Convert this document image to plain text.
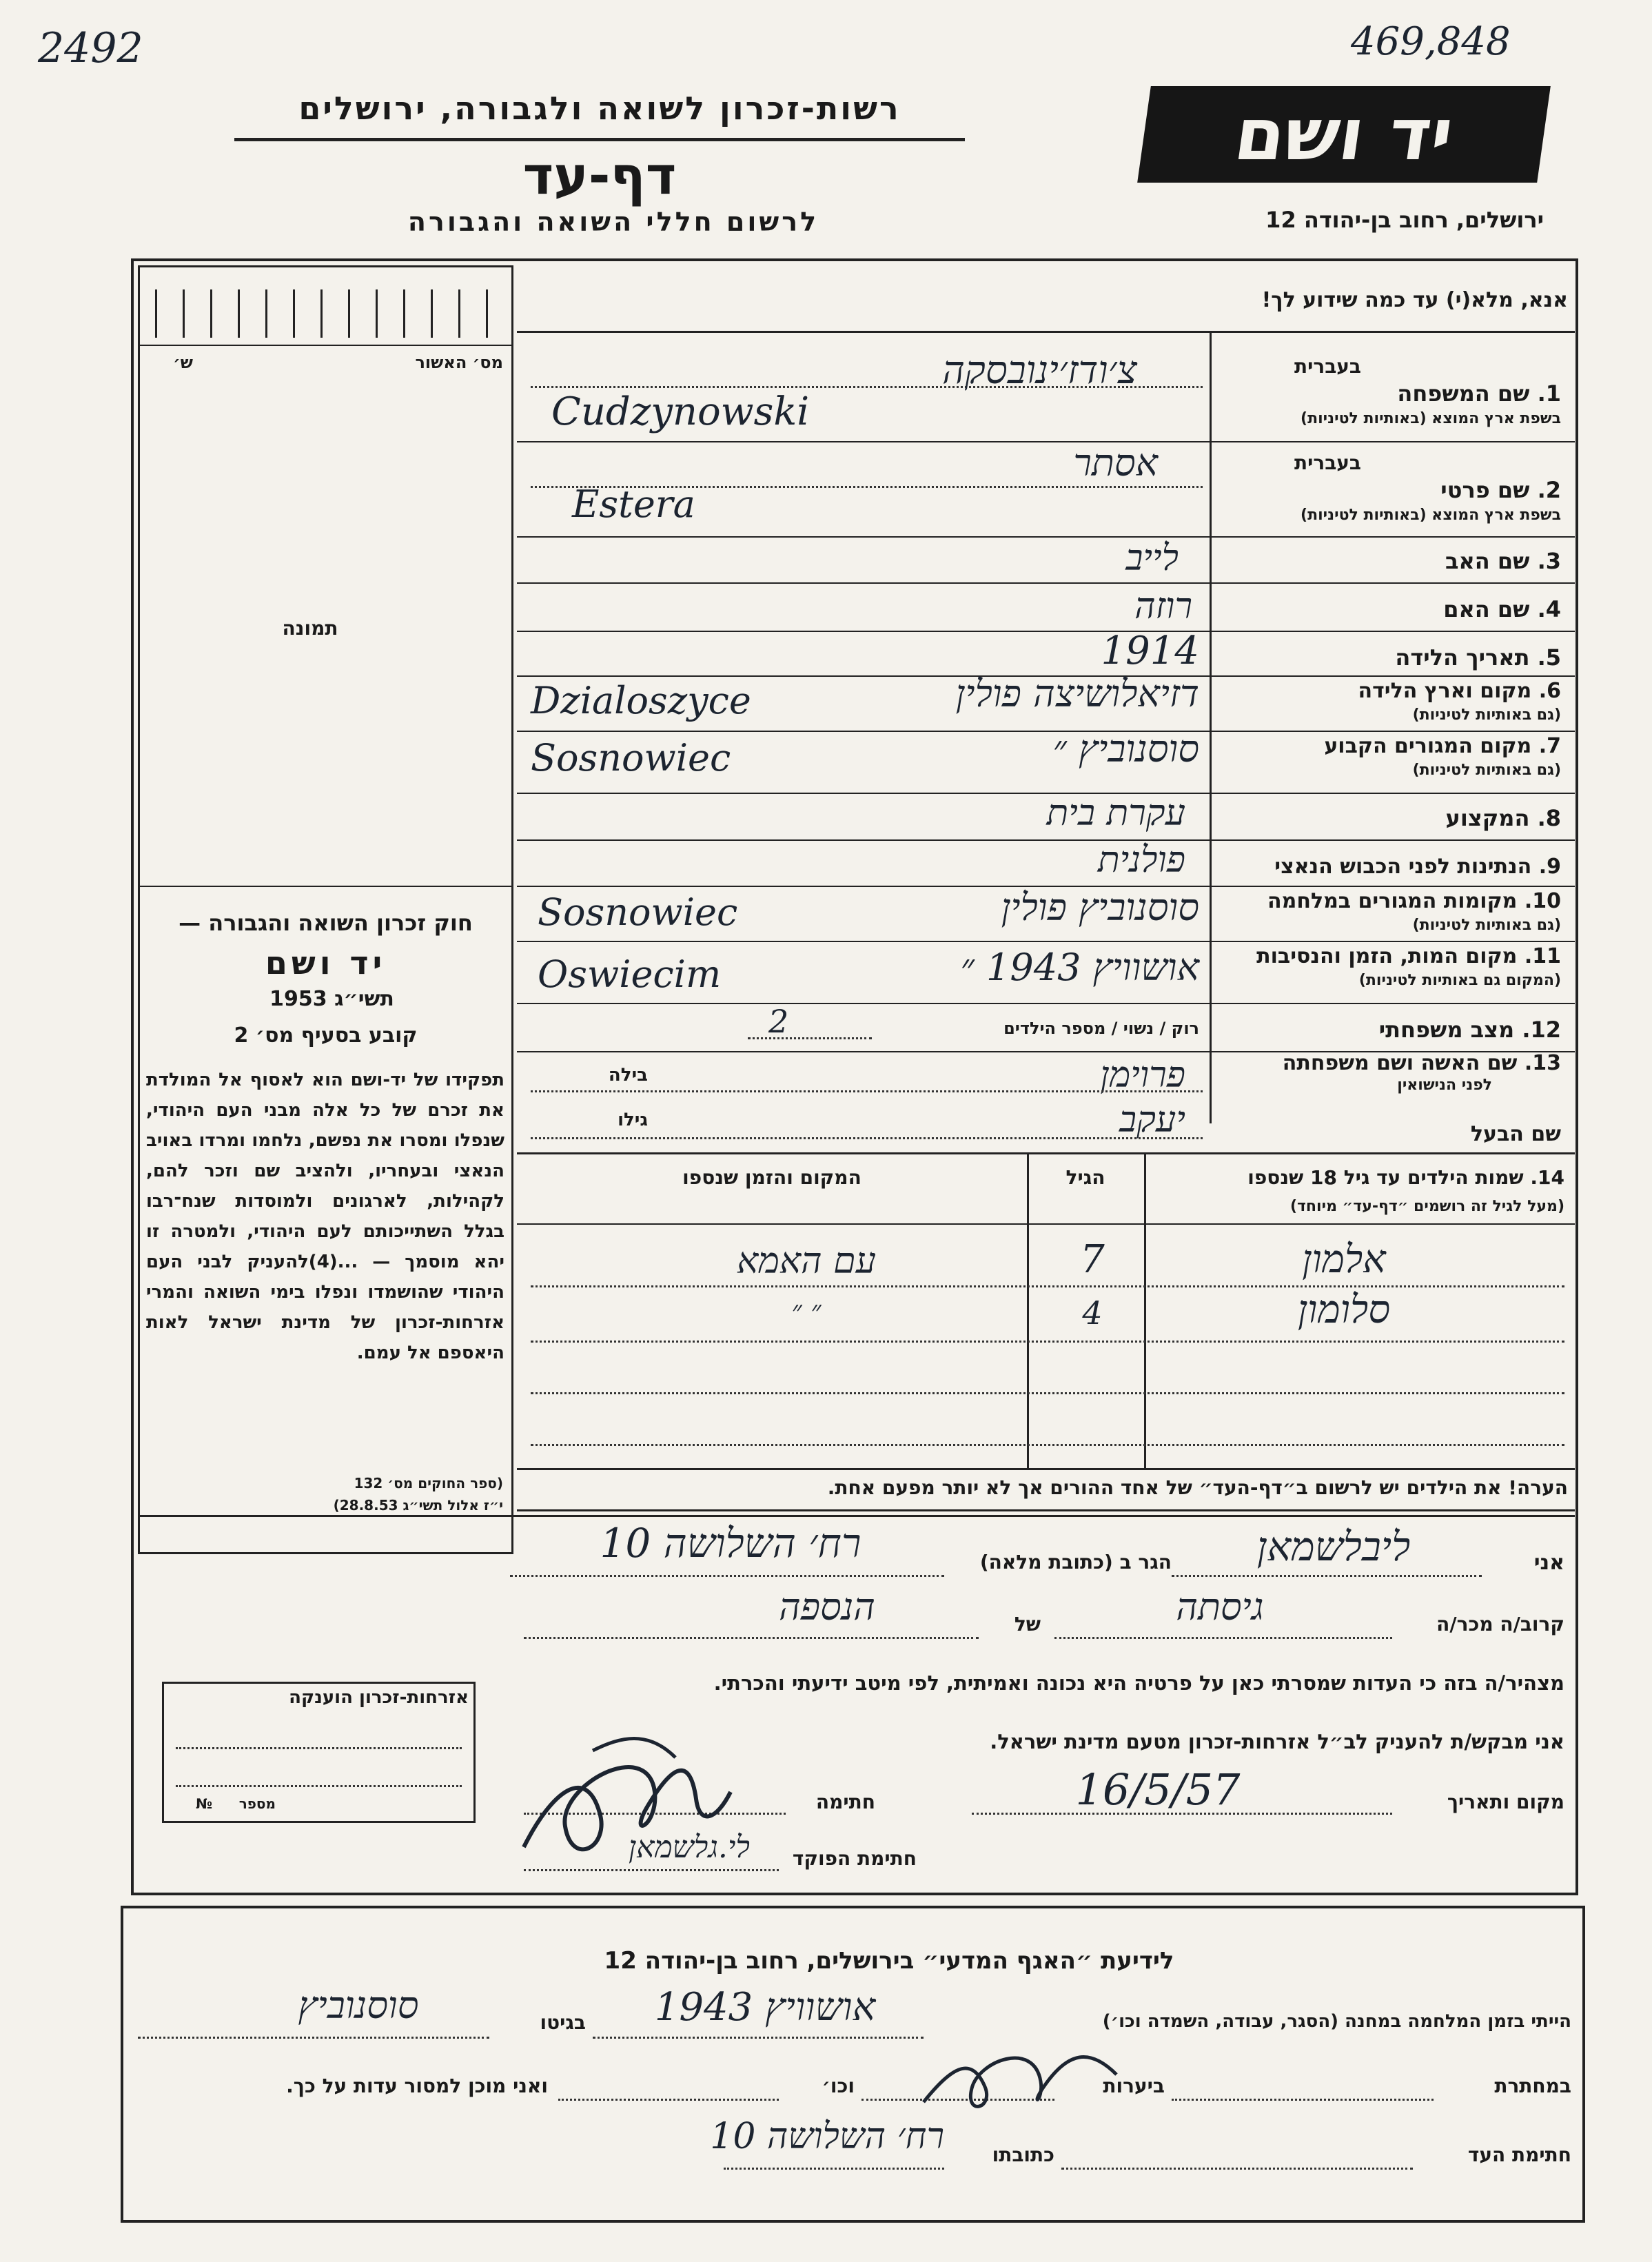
2492	469,848
יד ושם
ירושלים, רחוב בן-יהודה 12
רשות-זכרון לשואה ולגבורה, ירושלים
דף-עד
לרשום חללי השואה והגבורה
מס׳ האשור
ש׳
תמונה
חוק זכרון השואה והגבורה —
יד ושם
תשי״ג 1953
קובע בסעיף מס׳ 2
תפקידו של יד-ושם הוא לאסוף אל המולדת את זכרם של כל אלה מבני העם היהודי, שנפלו ומסרו את נפשם, נלחמו ומרדו באויב הנאצי ובעחריו, ולהציב שם וזכר להם, לקהילות, לארגונים ולמוסדות שנח־רבו בגלל השתייכותם לעם היהודי, ולמטרה זו יהא מוסמך — ...(4)להעניק לבני העם היהודי שהושמדו ונפלו בימי השואה והמרי אזרחות-זכרון של מדינת ישראל לאות היאספם אל עמם.
(ספר החוקים מס׳ 132
י״ז אלול תשי״ג 28.8.53)
אנא, מלא(י) עד כמה שידוע לך!
בעברית
1. שם המשפחה
בשפת ארץ המוצא (באותיות לטיניות)
צ׳ודז׳ינובסקה
Cudzynowski
בעברית
2. שם פרטי
בשפת ארץ המוצא (באותיות לטיניות)
אסתר
Estera
3. שם האב
לייב
4. שם האם
רוזה
5. תאריך הלידה
1914
6. מקום וארץ הלידה
(גם באותיות לטיניות)
דזיאלושיצה פולין
Dzialoszyce
7. מקום המגורים הקבוע
(גם באותיות לטיניות)
סוסנוביץ ״
Sosnowiec
8. המקצוע
עקרת בית
9. הנתינות לפני הכבוש הנאצי
פולנית
10. מקומות המגורים במלחמה
(גם באותיות לטיניות)
סוסנוביץ פולין
Sosnowiec
11. מקום המות, הזמן והנסיבות
(המקום גם באותיות לטיניות)
אושוויץ 1943 ״
Oswiecim
12. מצב משפחתי
רוק / נשוי / מספר הילדים
2
13. שם האשה ושם משפחתה
לפני הנישואין
פרוימן
בילה
שם הבעל
יעקב
גילו
14. שמות הילדים עד גיל 18 שנספו
(מעל לגיל זה רושמים ״דף-עד״ מיוחד)
הגיל
המקום והזמן שנספו
אלמון
7
עם האמא
סלומון
4
״ ״
הערה! את הילדים יש לרשום ב״דף-העד״ של אחד ההורים אך לא יותר מפעם אחת.
אני
ליבלשמאן
הגר ב (כתובת מלאה)
רח׳ השלושה 10
קרוב/ה מכר/ה
גיסתה
של
הנספה
מצהיר/ה בזה כי העדות שמסרתי כאן על פרטיה היא נכונה ואמיתית, לפי מיטב ידיעתי והכרתי.
אני מבקש/ת להעניק לב״ל אזרחות-זכרון מטעם מדינת ישראל.
מקום ותאריך
16/5/57
חתימה
חתימת הפוקד
לי.גלשמאן
אזרחות-זכרון הוענקה
מספר
№
לידיעת ״האגף המדעי״ בירושלים, רחוב בן-יהודה 12
הייתי בזמן המלחמה במחנה (הסגר, עבודה, השמדה וכו׳)
אושוויץ 1943
בגיטו
סוסנוביץ
במחתרת
ביערות
וכו׳
ואני מוכן למסור עדות על כך.
חתימת העד
כתובתו
רח׳ השלושה 10
